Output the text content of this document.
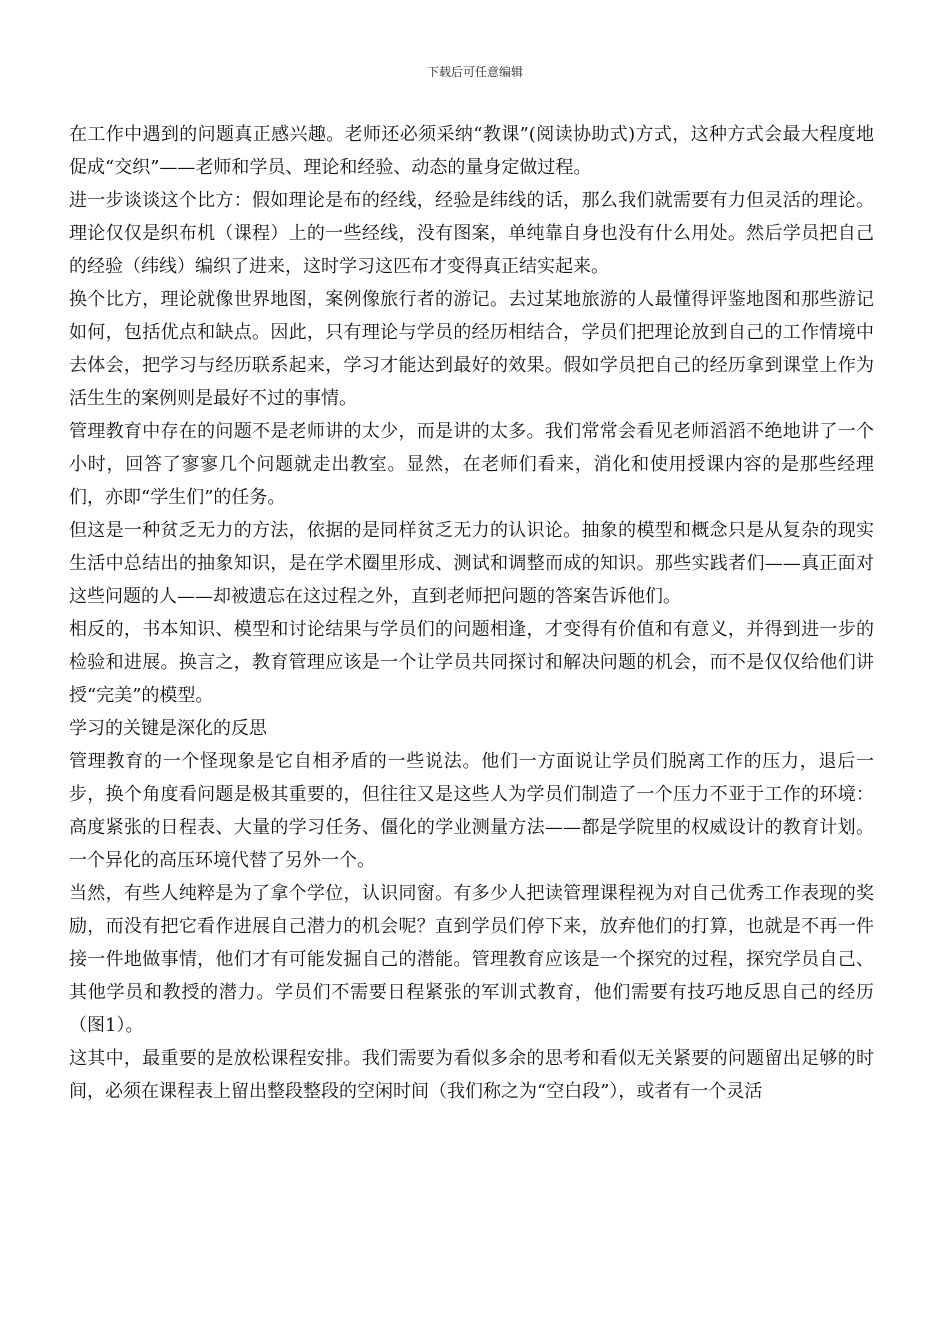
下载后可任意编辑

在工作中遇到的问题真正感兴趣。老师还必须采纳“教课”(阅读协助式)方式，这种方式会最大程度地促成“交织”——老师和学员、理论和经验、动态的量身定做过程。

进一步谈谈这个比方：假如理论是布的经线，经验是纬线的话，那么我们就需要有力但灵活的理论。理论仅仅是织布机（课程）上的一些经线，没有图案，单纯靠自身也没有什么用处。然后学员把自己的经验（纬线）编织了进来，这时学习这匹布才变得真正结实起来。

换个比方，理论就像世界地图，案例像旅行者的游记。去过某地旅游的人最懂得评鉴地图和那些游记如何，包括优点和缺点。因此，只有理论与学员的经历相结合，学员们把理论放到自己的工作情境中去体会，把学习与经历联系起来，学习才能达到最好的效果。假如学员把自己的经历拿到课堂上作为活生生的案例则是最好不过的事情。

管理教育中存在的问题不是老师讲的太少，而是讲的太多。我们常常会看见老师滔滔不绝地讲了一个小时，回答了寥寥几个问题就走出教室。显然，在老师们看来，消化和使用授课内容的是那些经理们，亦即“学生们”的任务。

但这是一种贫乏无力的方法，依据的是同样贫乏无力的认识论。抽象的模型和概念只是从复杂的现实生活中总结出的抽象知识，是在学术圈里形成、测试和调整而成的知识。那些实践者们——真正面对这些问题的人——却被遗忘在这过程之外，直到老师把问题的答案告诉他们。

相反的，书本知识、模型和讨论结果与学员们的问题相逢，才变得有价值和有意义，并得到进一步的检验和进展。换言之，教育管理应该是一个让学员共同探讨和解决问题的机会，而不是仅仅给他们讲授“完美”的模型。

学习的关键是深化的反思

管理教育的一个怪现象是它自相矛盾的一些说法。他们一方面说让学员们脱离工作的压力，退后一步，换个角度看问题是极其重要的，但往往又是这些人为学员们制造了一个压力不亚于工作的环境：高度紧张的日程表、大量的学习任务、僵化的学业测量方法——都是学院里的权威设计的教育计划。一个异化的高压环境代替了另外一个。

当然，有些人纯粹是为了拿个学位，认识同窗。有多少人把读管理课程视为对自己优秀工作表现的奖励，而没有把它看作进展自己潜力的机会呢？直到学员们停下来，放弃他们的打算，也就是不再一件接一件地做事情，他们才有可能发掘自己的潜能。管理教育应该是一个探究的过程，探究学员自己、其他学员和教授的潜力。学员们不需要日程紧张的军训式教育，他们需要有技巧地反思自己的经历（图1）。

这其中，最重要的是放松课程安排。我们需要为看似多余的思考和看似无关紧要的问题留出足够的时间，必须在课程表上留出整段整段的空闲时间（我们称之为“空白段”），或者有一个灵活
